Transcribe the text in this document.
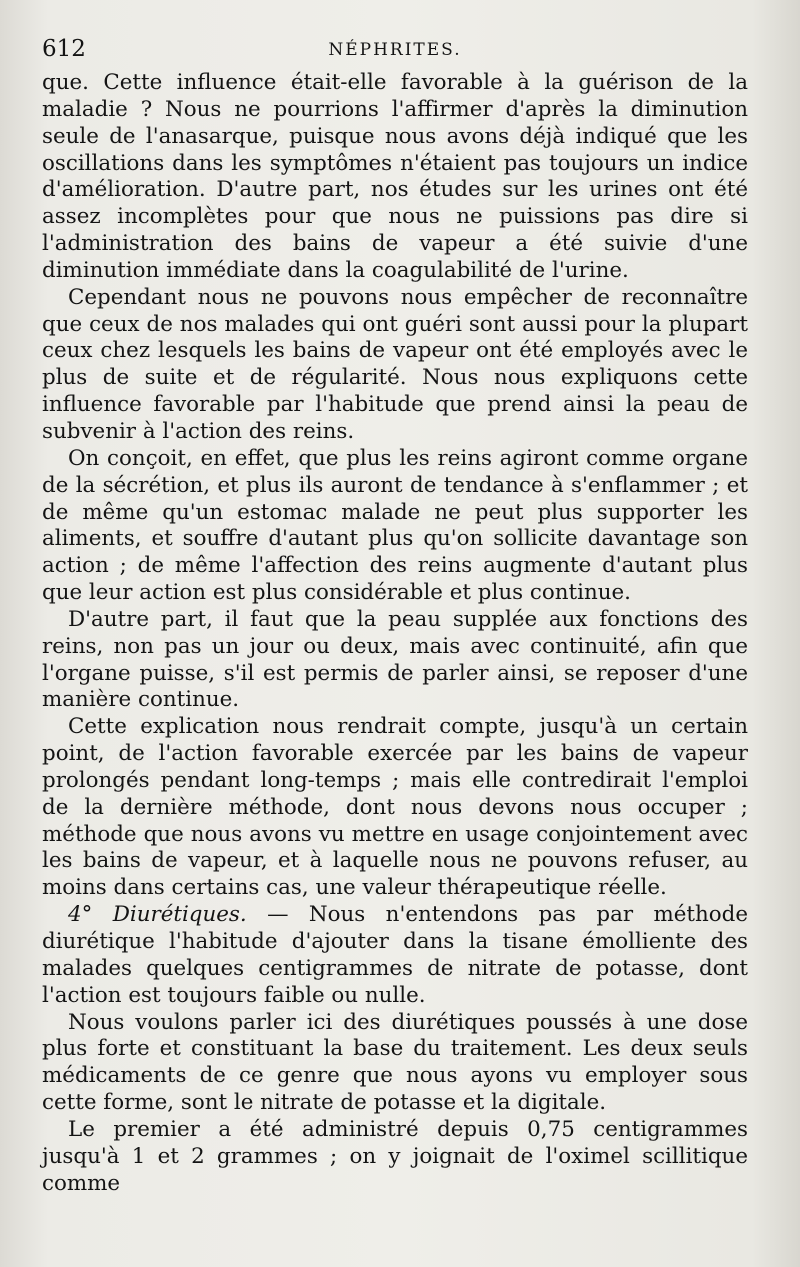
612	NÉPHRITES.

que. Cette influence était-elle favorable à la guérison de la maladie ? Nous ne pourrions l'affirmer d'après la diminution seule de l'anasarque, puisque nous avons déjà indiqué que les oscillations dans les symptômes n'étaient pas toujours un indice d'amélioration. D'autre part, nos études sur les urines ont été assez incomplètes pour que nous ne puissions pas dire si l'administration des bains de vapeur a été suivie d'une diminution immédiate dans la coagulabilité de l'urine.

Cependant nous ne pouvons nous empêcher de reconnaître que ceux de nos malades qui ont guéri sont aussi pour la plupart ceux chez lesquels les bains de vapeur ont été employés avec le plus de suite et de régularité. Nous nous expliquons cette influence favorable par l'habitude que prend ainsi la peau de subvenir à l'action des reins.

On conçoit, en effet, que plus les reins agiront comme organe de la sécrétion, et plus ils auront de tendance à s'enflammer ; et de même qu'un estomac malade ne peut plus supporter les aliments, et souffre d'autant plus qu'on sollicite davantage son action ; de même l'affection des reins augmente d'autant plus que leur action est plus considérable et plus continue.

D'autre part, il faut que la peau supplée aux fonctions des reins, non pas un jour ou deux, mais avec continuité, afin que l'organe puisse, s'il est permis de parler ainsi, se reposer d'une manière continue.

Cette explication nous rendrait compte, jusqu'à un certain point, de l'action favorable exercée par les bains de vapeur prolongés pendant long-temps ; mais elle contredirait l'emploi de la dernière méthode, dont nous devons nous occuper ; méthode que nous avons vu mettre en usage conjointement avec les bains de vapeur, et à laquelle nous ne pouvons refuser, au moins dans certains cas, une valeur thérapeutique réelle.

4° Diurétiques. — Nous n'entendons pas par méthode diurétique l'habitude d'ajouter dans la tisane émolliente des malades quelques centigrammes de nitrate de potasse, dont l'action est toujours faible ou nulle.

Nous voulons parler ici des diurétiques poussés à une dose plus forte et constituant la base du traitement. Les deux seuls médicaments de ce genre que nous ayons vu employer sous cette forme, sont le nitrate de potasse et la digitale.

Le premier a été administré depuis 0,75 centigrammes jusqu'à 1 et 2 grammes ; on y joignait de l'oximel scillitique comme
